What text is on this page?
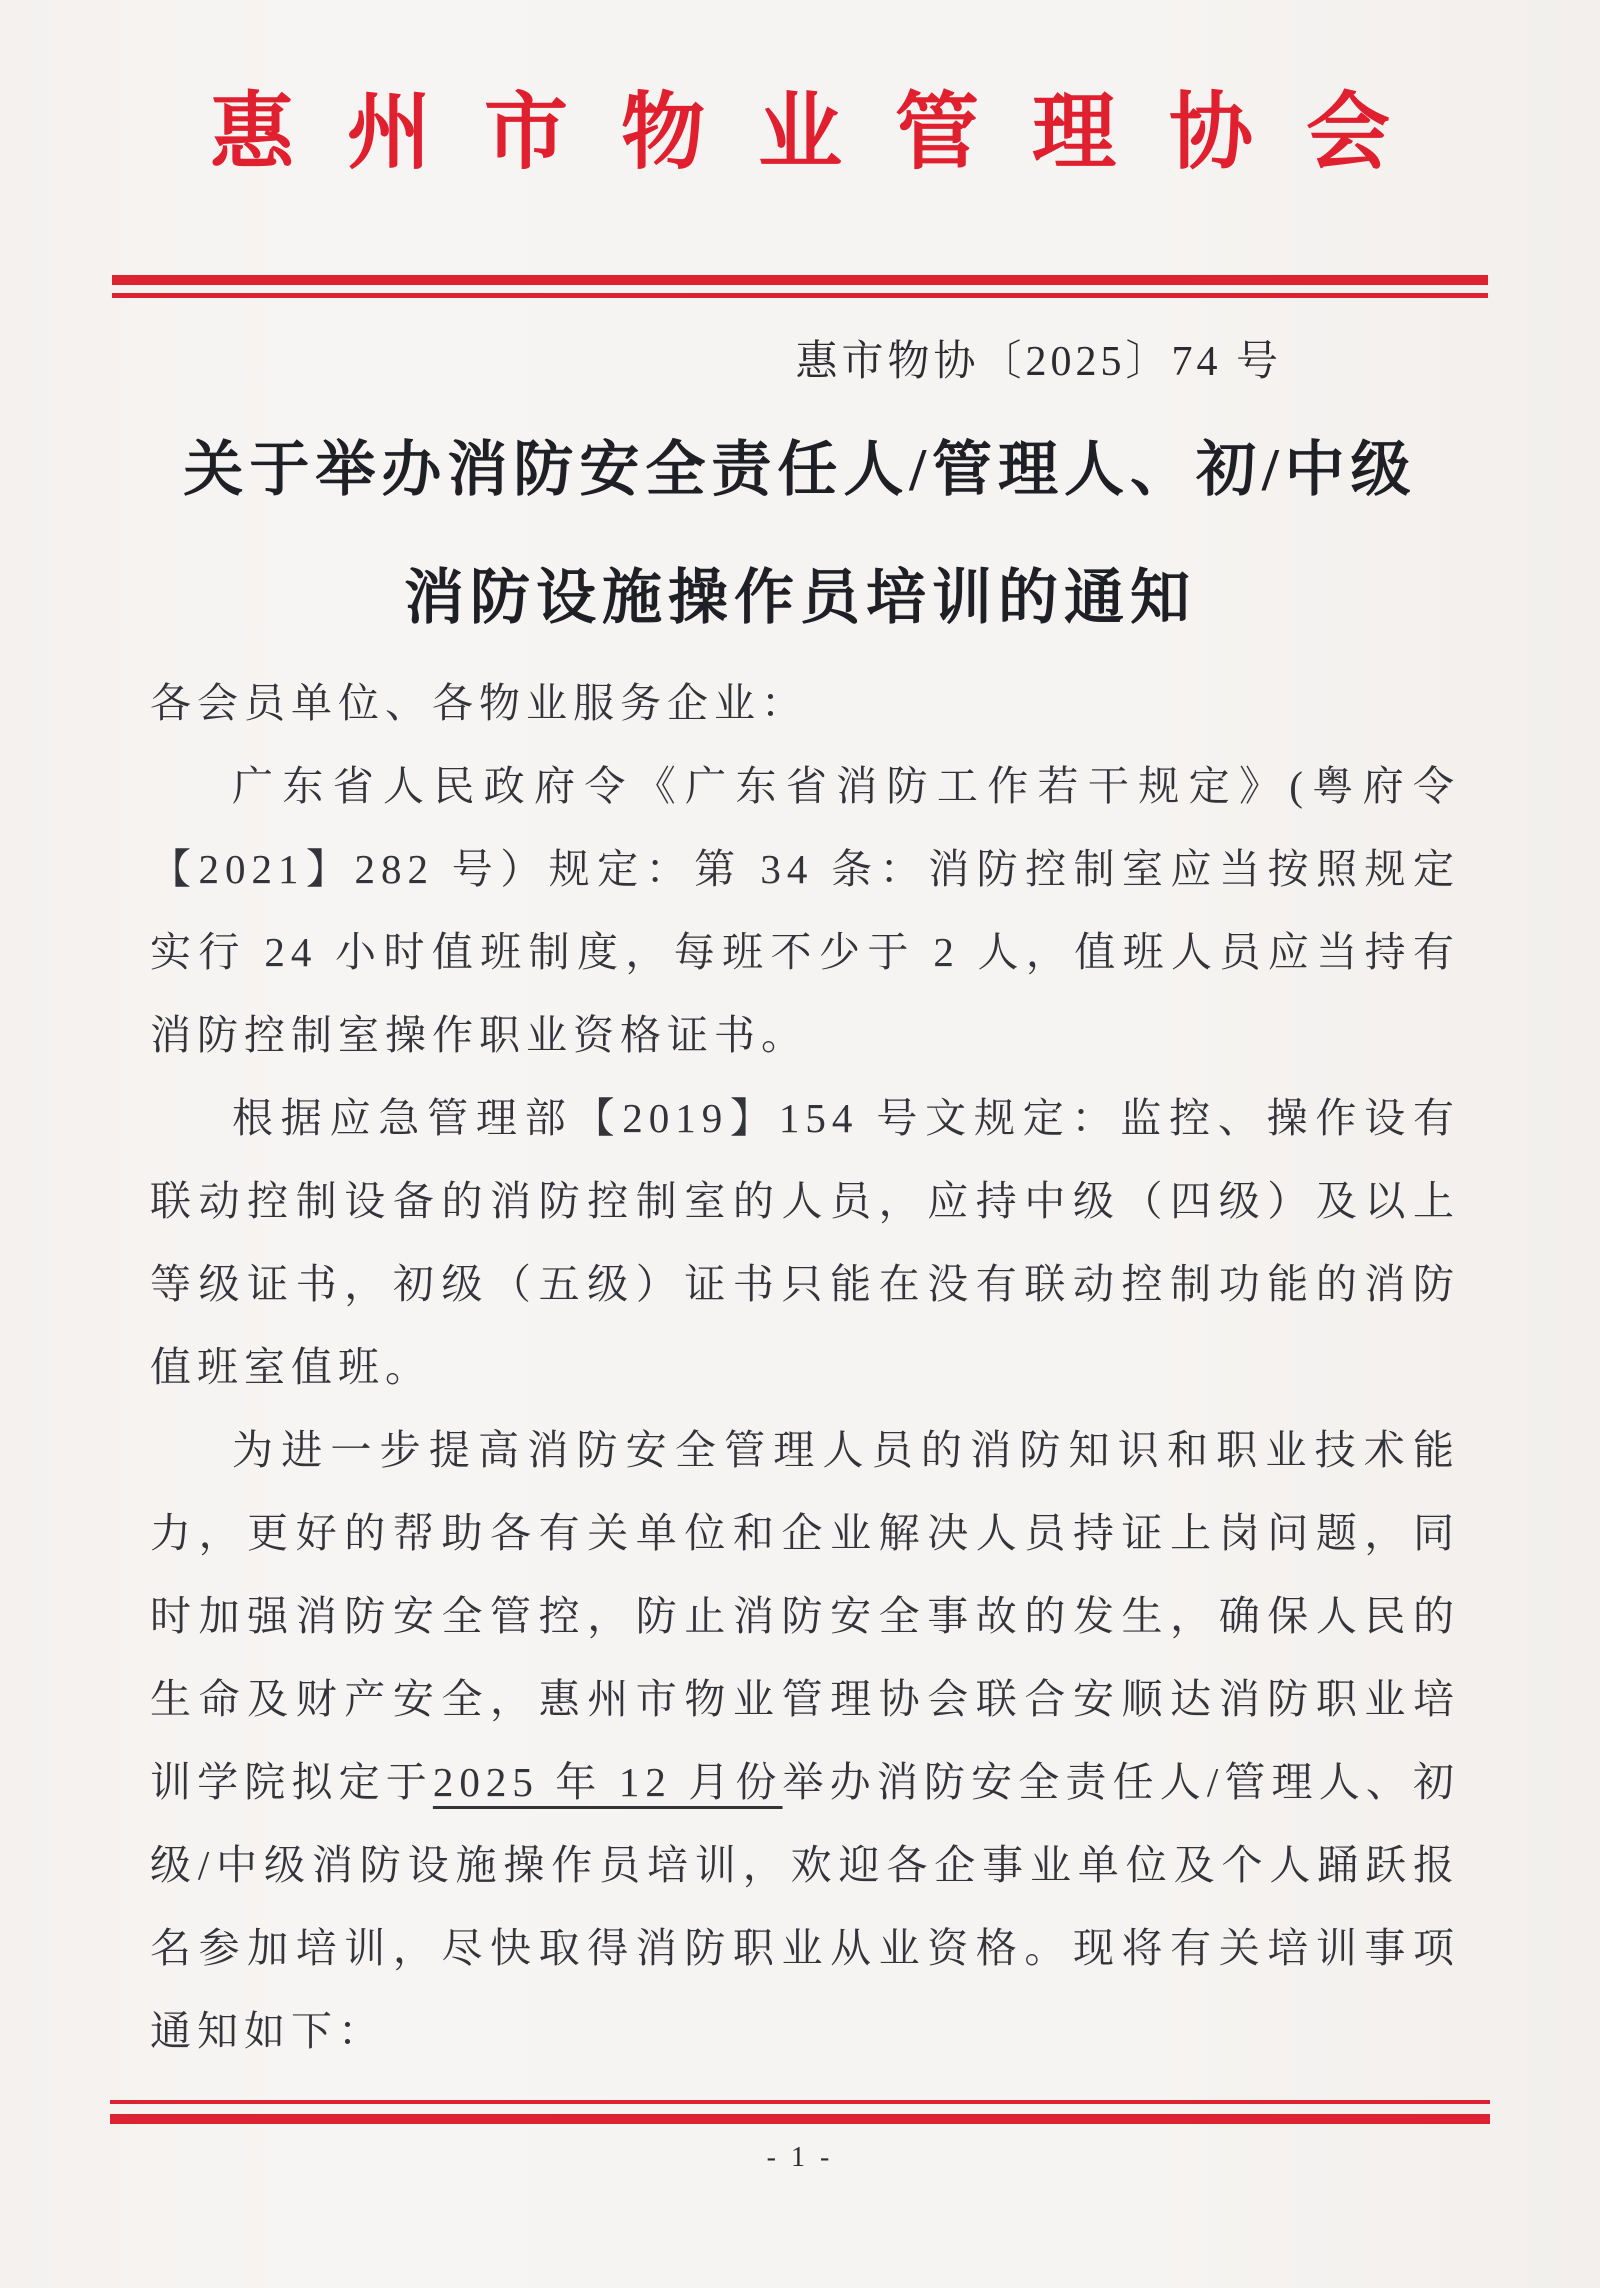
惠 州 市 物 业 管 理 协 会
惠市物协〔2025〕74 号
关于举办消防安全责任人/管理人、初/中级
消防设施操作员培训的通知

各会员单位、各物业服务企业：

广东省人民政府令《广东省消防工作若干规定》(粤府令【2021】282 号）规定：第 34 条：消防控制室应当按照规定实行 24 小时值班制度，每班不少于 2 人，值班人员应当持有消防控制室操作职业资格证书。

根据应急管理部【2019】154 号文规定：监控、操作设有联动控制设备的消防控制室的人员，应持中级（四级）及以上等级证书，初级（五级）证书只能在没有联动控制功能的消防值班室值班。

为进一步提高消防安全管理人员的消防知识和职业技术能力，更好的帮助各有关单位和企业解决人员持证上岗问题，同时加强消防安全管控，防止消防安全事故的发生，确保人民的生命及财产安全，惠州市物业管理协会联合安顺达消防职业培训学院拟定于2025 年 12 月份举办消防安全责任人/管理人、初级/中级消防设施操作员培训，欢迎各企事业单位及个人踊跃报名参加培训，尽快取得消防职业从业资格。现将有关培训事项通知如下：

- 1 -
